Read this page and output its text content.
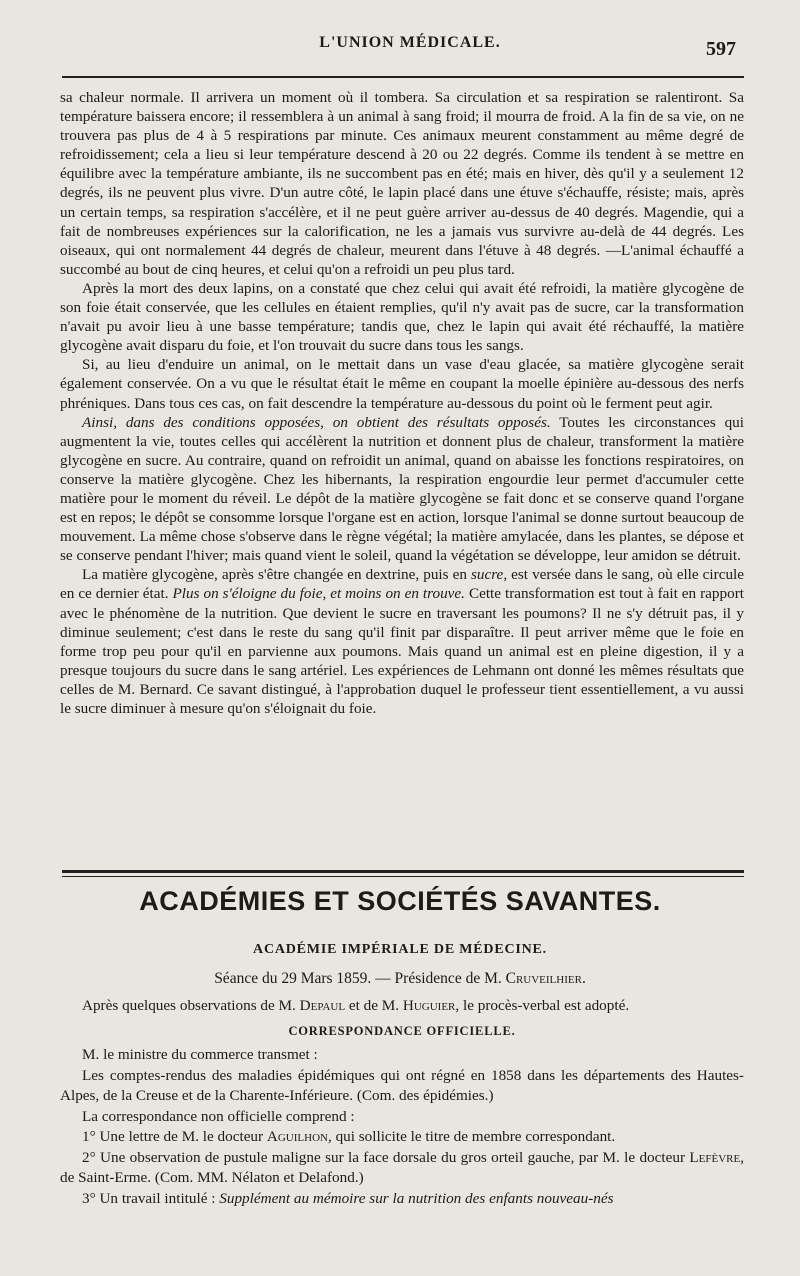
L'UNION MÉDICALE.	597

sa chaleur normale. Il arrivera un moment où il tombera. Sa circulation et sa respiration se ralentiront. Sa température baissera encore; il ressemblera à un animal à sang froid; il mourra de froid. A la fin de sa vie, on ne trouvera pas plus de 4 à 5 respirations par minute. Ces animaux meurent constamment au même degré de refroidissement; cela a lieu si leur température descend à 20 ou 22 degrés. Comme ils tendent à se mettre en équilibre avec la température ambiante, ils ne succombent pas en été; mais en hiver, dès qu'il y a seulement 12 degrés, ils ne peuvent plus vivre. D'un autre côté, le lapin placé dans une étuve s'échauffe, résiste; mais, après un certain temps, sa respiration s'accélère, et il ne peut guère arriver au-dessus de 40 degrés. Magendie, qui a fait de nombreuses expériences sur la calorification, ne les a jamais vus survivre au-delà de 44 degrés. Les oiseaux, qui ont normalement 44 degrés de chaleur, meurent dans l'étuve à 48 degrés. —L'animal échauffé a succombé au bout de cinq heures, et celui qu'on a refroidi un peu plus tard.

Après la mort des deux lapins, on a constaté que chez celui qui avait été refroidi, la matière glycogène de son foie était conservée, que les cellules en étaient remplies, qu'il n'y avait pas de sucre, car la transformation n'avait pu avoir lieu à une basse température; tandis que, chez le lapin qui avait été réchauffé, la matière glycogène avait disparu du foie, et l'on trouvait du sucre dans tous les sangs.

Si, au lieu d'enduire un animal, on le mettait dans un vase d'eau glacée, sa matière glycogène serait également conservée. On a vu que le résultat était le même en coupant la moelle épinière au-dessous des nerfs phréniques. Dans tous ces cas, on fait descendre la température au-dessous du point où le ferment peut agir.

Ainsi, dans des conditions opposées, on obtient des résultats opposés. Toutes les circonstances qui augmentent la vie, toutes celles qui accélèrent la nutrition et donnent plus de chaleur, transforment la matière glycogène en sucre. Au contraire, quand on refroidit un animal, quand on abaisse les fonctions respiratoires, on conserve la matière glycogène. Chez les hibernants, la respiration engourdie leur permet d'accumuler cette matière pour le moment du réveil. Le dépôt de la matière glycogène se fait donc et se conserve quand l'organe est en repos; le dépôt se consomme lorsque l'organe est en action, lorsque l'animal se donne surtout beaucoup de mouvement. La même chose s'observe dans le règne végétal; la matière amylacée, dans les plantes, se dépose et se conserve pendant l'hiver; mais quand vient le soleil, quand la végétation se développe, leur amidon se détruit.

La matière glycogène, après s'être changée en dextrine, puis en sucre, est versée dans le sang, où elle circule en ce dernier état. Plus on s'éloigne du foie, et moins on en trouve. Cette transformation est tout à fait en rapport avec le phénomène de la nutrition. Que devient le sucre en traversant les poumons? Il ne s'y détruit pas, il y diminue seulement; c'est dans le reste du sang qu'il finit par disparaître. Il peut arriver même que le foie en forme trop peu pour qu'il en parvienne aux poumons. Mais quand un animal est en pleine digestion, il y a presque toujours du sucre dans le sang artériel. Les expériences de Lehmann ont donné les mêmes résultats que celles de M. Bernard. Ce savant distingué, à l'approbation duquel le professeur tient essentiellement, a vu aussi le sucre diminuer à mesure qu'on s'éloignait du foie.

ACADÉMIES ET SOCIÉTÉS SAVANTES.
ACADÉMIE IMPÉRIALE DE MÉDECINE.
Séance du 29 Mars 1859. — Présidence de M. Cruveilhier.

Après quelques observations de M. Depaul et de M. Huguier, le procès-verbal est adopté.

CORRESPONDANCE OFFICIELLE.

M. le ministre du commerce transmet :

Les comptes-rendus des maladies épidémiques qui ont régné en 1858 dans les départements des Hautes-Alpes, de la Creuse et de la Charente-Inférieure. (Com. des épidémies.)

La correspondance non officielle comprend :

1° Une lettre de M. le docteur Aguilhon, qui sollicite le titre de membre correspondant.

2° Une observation de pustule maligne sur la face dorsale du gros orteil gauche, par M. le docteur Lefèvre, de Saint-Erme. (Com. MM. Nélaton et Delafond.)

3° Un travail intitulé : Supplément au mémoire sur la nutrition des enfants nouveau-nés
